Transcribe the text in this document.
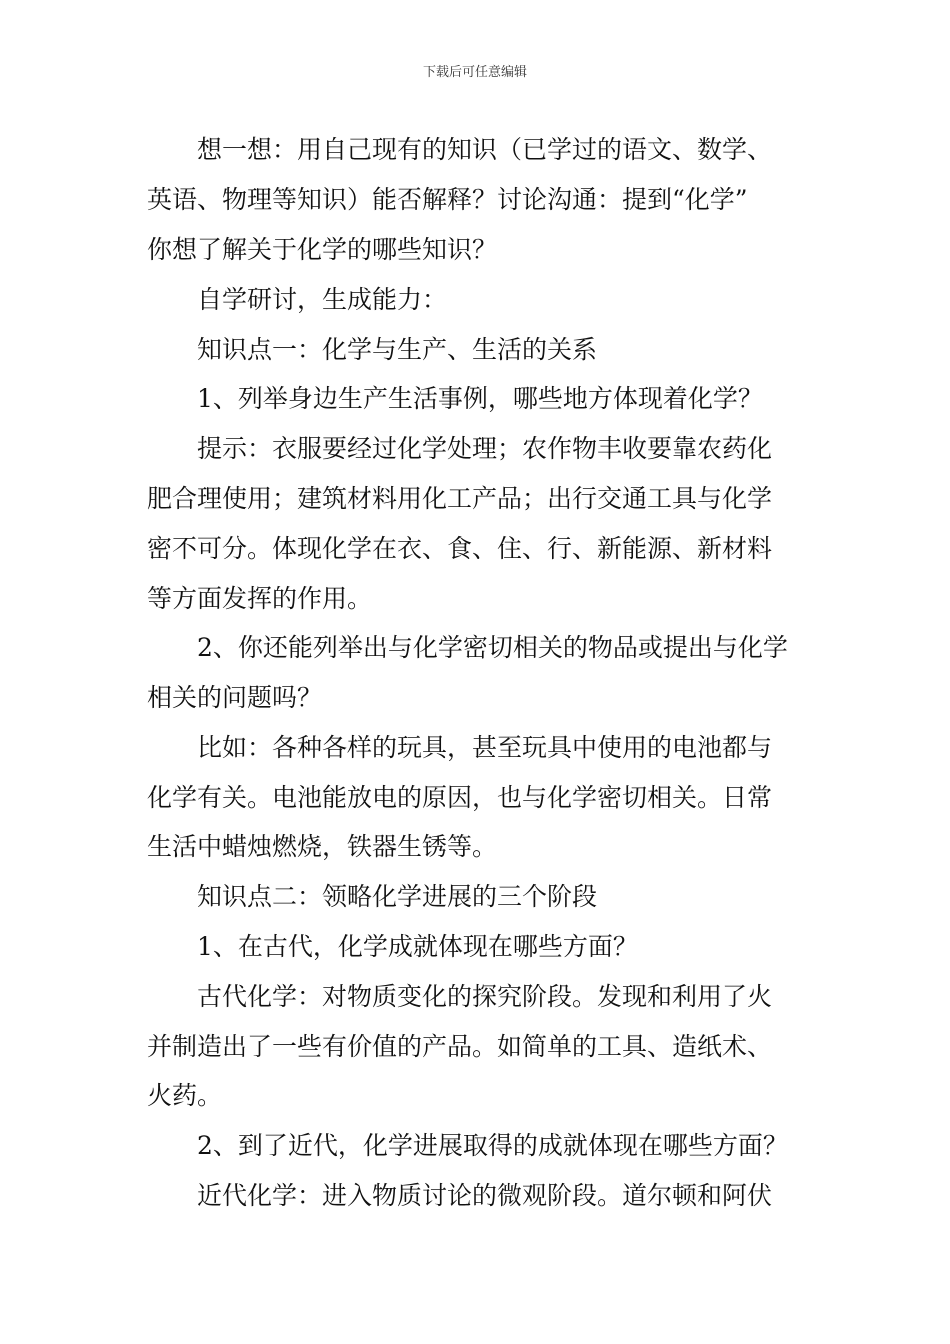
下载后可任意编辑
想一想：用自己现有的知识（已学过的语文、数学、
英语、物理等知识）能否解释？讨论沟通：提到“化学”
你想了解关于化学的哪些知识？
自学研讨，生成能力：
知识点一：化学与生产、生活的关系
1、列举身边生产生活事例，哪些地方体现着化学？
提示：衣服要经过化学处理；农作物丰收要靠农药化
肥合理使用；建筑材料用化工产品；出行交通工具与化学
密不可分。体现化学在衣、食、住、行、新能源、新材料
等方面发挥的作用。
2、你还能列举出与化学密切相关的物品或提出与化学
相关的问题吗？
比如：各种各样的玩具，甚至玩具中使用的电池都与
化学有关。电池能放电的原因，也与化学密切相关。日常
生活中蜡烛燃烧，铁器生锈等。
知识点二：领略化学进展的三个阶段
1、在古代，化学成就体现在哪些方面？
古代化学：对物质变化的探究阶段。发现和利用了火
并制造出了一些有价值的产品。如简单的工具、造纸术、
火药。
2、到了近代，化学进展取得的成就体现在哪些方面？
近代化学：进入物质讨论的微观阶段。道尔顿和阿伏
